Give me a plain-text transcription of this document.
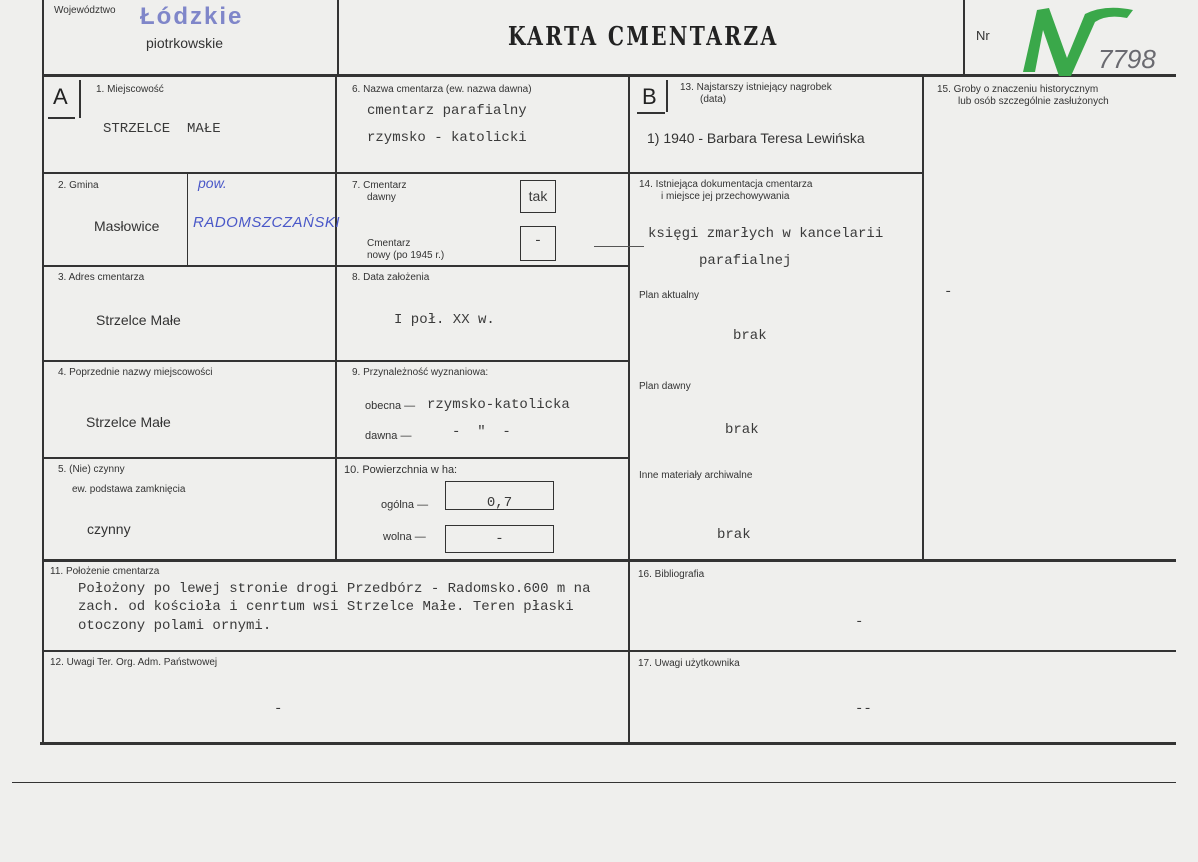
Województwo Łódzkie
piotrkowskie	KARTA CMENTARZA	Nr
7798
A	1. Miejscowość
STRZELCE  MAŁE
2. Gmina
Masłowice
pow.
RADOMSZCZAŃSKI
3. Adres cmentarza
Strzelce Małe
4. Poprzednie nazwy miejscowości
Strzelce Małe
5. (Nie) czynny
ew. podstawa zamknięcia
czynny
6. Nazwa cmentarza (ew. nazwa dawna)
cmentarz parafialny
rzymsko - katolicki
7. Cmentarz
dawny	tak
Cmentarz
nowy (po 1945 r.)
-
8. Data założenia
I poł. XX w.
9. Przynależność wyznaniowa:
obecna — rzymsko-katolicka
dawna —	-  "  -
10. Powierzchnia w ha:
ogólna —	0,7
wolna —	-
B 13. Najstarszy istniejący nagrobek
(data)
1) 1940 - Barbara Teresa Lewińska
14. Istniejąca dokumentacja cmentarza
i miejsce jej przechowywania
księgi zmarłych w kancelarii
parafialnej
Plan aktualny
brak
Plan dawny
brak
Inne materiały archiwalne
brak
15. Groby o znaczeniu historycznym
lub osób szczególnie zasłużonych
-
11. Położenie cmentarza
Położony po lewej stronie drogi Przedbórz - Radomsko.600 m na
zach. od kościoła i cenrtum wsi Strzelce Małe. Teren płaski
otoczony polami ornymi.
12. Uwagi Ter. Org. Adm. Państwowej
-
16. Bibliografia
-
17. Uwagi użytkownika
--
